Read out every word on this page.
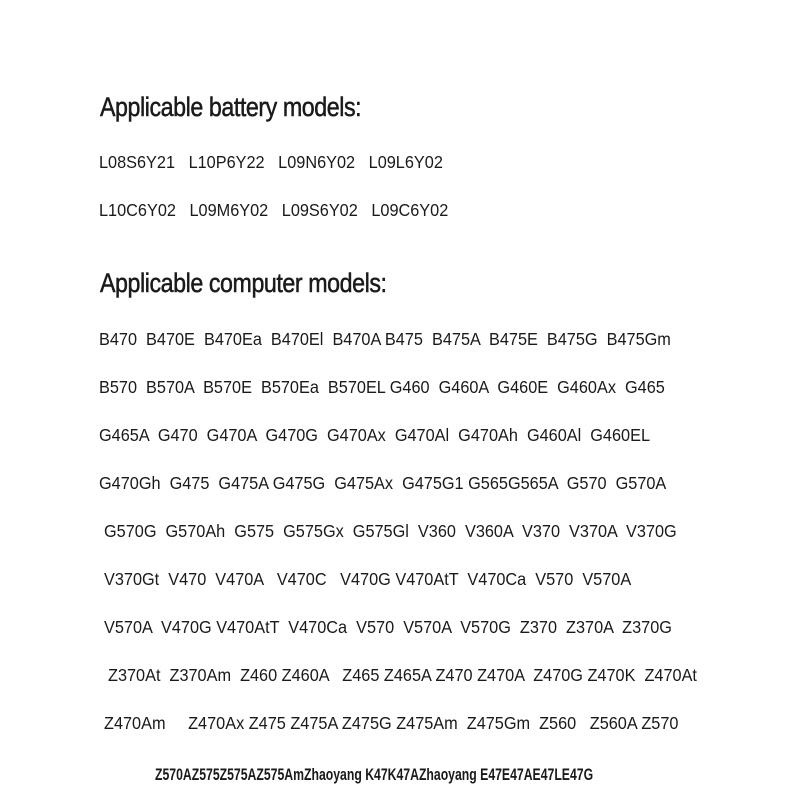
Applicable battery models:
L08S6Y21   L10P6Y22   L09N6Y02   L09L6Y02
L10C6Y02   L09M6Y02   L09S6Y02   L09C6Y02
Applicable computer models:
B470  B470E  B470Ea  B470El  B470A B475  B475A  B475E  B475G  B475Gm
B570  B570A  B570E  B570Ea  B570EL G460  G460A  G460E  G460Ax  G465
G465A  G470  G470A  G470G  G470Ax  G470Al  G470Ah  G460Al  G460EL
G470Gh  G475  G475A G475G  G475Ax  G475G1 G565G565A  G570  G570A
G570G  G570Ah  G575  G575Gx  G575Gl  V360  V360A  V370  V370A  V370G
V370Gt  V470  V470A   V470C   V470G V470AtT  V470Ca  V570  V570A
V570A  V470G V470AtT  V470Ca  V570  V570A  V570G  Z370  Z370A  Z370G
Z370At  Z370Am  Z460 Z460A   Z465 Z465A Z470 Z470A  Z470G Z470K  Z470At
Z470Am     Z470Ax Z475 Z475A Z475G Z475Am  Z475Gm  Z560   Z560A Z570
Z570AZ575Z575AZ575AmZhaoyang K47K47AZhaoyang E47E47AE47LE47G
